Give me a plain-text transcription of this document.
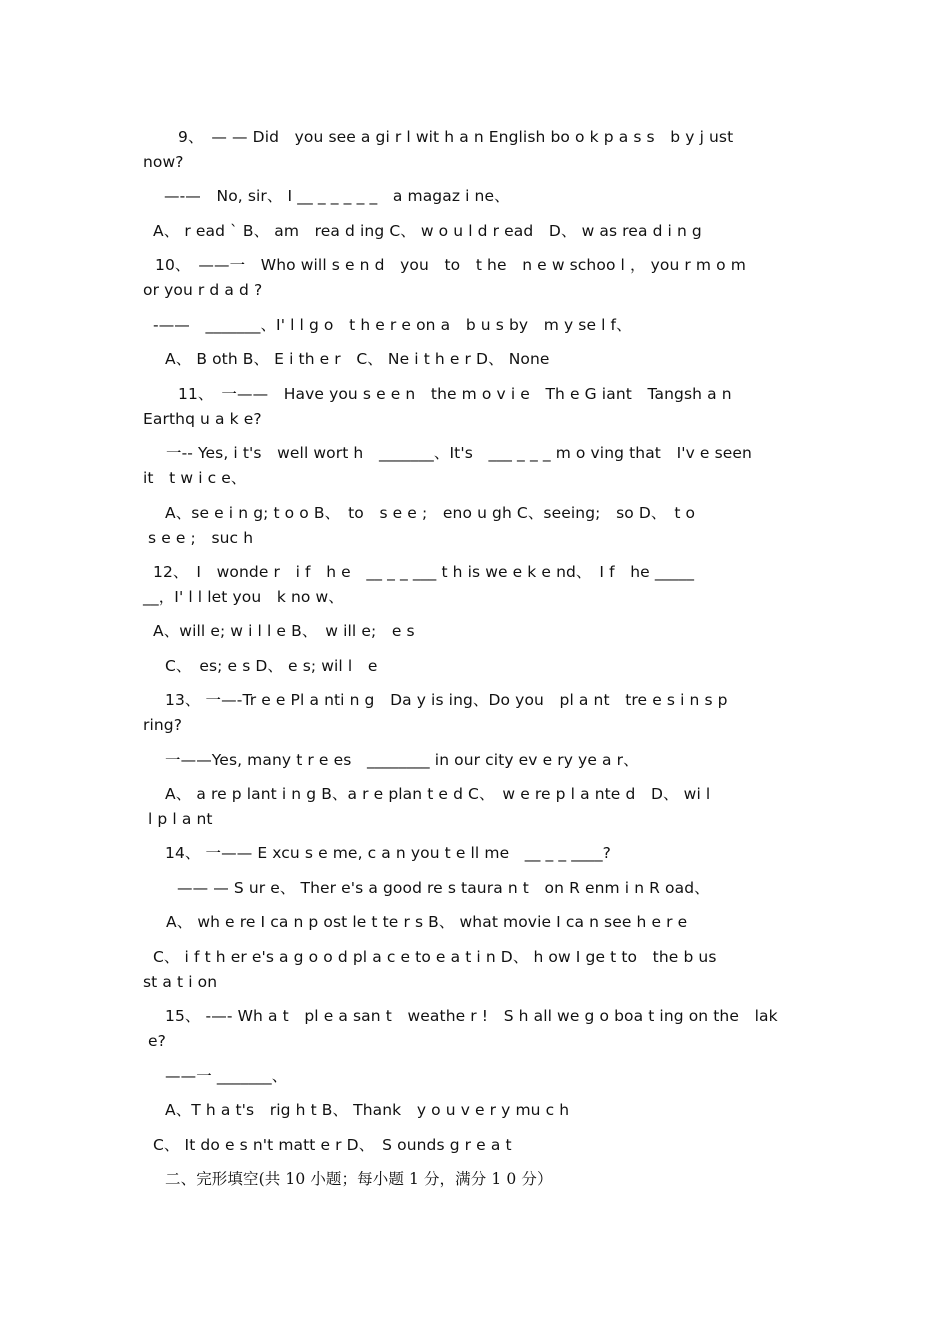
9、　— — Did　you see a gi r l wit h a n English bo o k p a s s　b y j ust
now?
—-—　No, sir、 I __ _ _ _ _ _　a magaz i ne、
A、 r ead ` B、 am　rea d ing C、 w o u l d r ead　D、 w as rea d i n g
10、　——一　Who will s e n d　you　to　t he　n e w schoo l ， you r m o m
or you r d a d ?
-——　_______、I' l l g o　t h e r e on a　b u s by　m y se l f、
A、 B oth B、 E i th e r　C、 Ne i t h e r D、 None
11、　一——　Have you s e e n　the m o v i e　Th e G iant　Tangsh a n
Earthq u a k e?
一-- Yes, i t's　well wort h　_______、It's　___ _ _ _ m o ving that　I'v e seen
it　t w i c e、
A、se e i n g; t o o B、　to　s e e ;　eno u gh C、seeing;　so D、　t o
s e e ;　suc h
12、　I　wonde r　i f　h e　__ _ _ ___ t h is we e k e nd、　I f　he _____
__，I' l l let you　k no w、
A、will e; w i l l e B、　w ill e;　e s
C、　es; e s D、 e s; wil l　e
13、 一—-Tr e e Pl a nti n g　Da y is ing、Do you　pl a nt　tre e s i n s p
ring?
一——Yes, many t r e es　________ in our city ev e ry ye a r、
A、 a re p lant i n g B、a r e plan t e d C、　w e re p l a nte d　D、 wi l
l p l a nt
14、 一—— E xcu s e me, c a n you t e ll me　__ _ _ ____?
—— — S ur e、 Ther e's a good re s taura n t　on R enm i n R oad、
A、 wh e re I ca n p ost le t te r s B、 what movie I ca n see h e r e
C、 i f t h er e's a g o o d pl a c e to e a t i n D、 h ow I ge t to　the b us
st a t i on
15、 -—- Wh a t　pl e a san t　weathe r !　S h all we g o boa t ing on the　lak
e?
——一 _______、
A、T h a t's　rig h t B、 Thank　y o u v e r y mu c h
C、 It do e s n't matt e r D、　S ounds g r e a t
二、完形填空(共 10 小题；每小题 1 分，满分 1 0 分）
